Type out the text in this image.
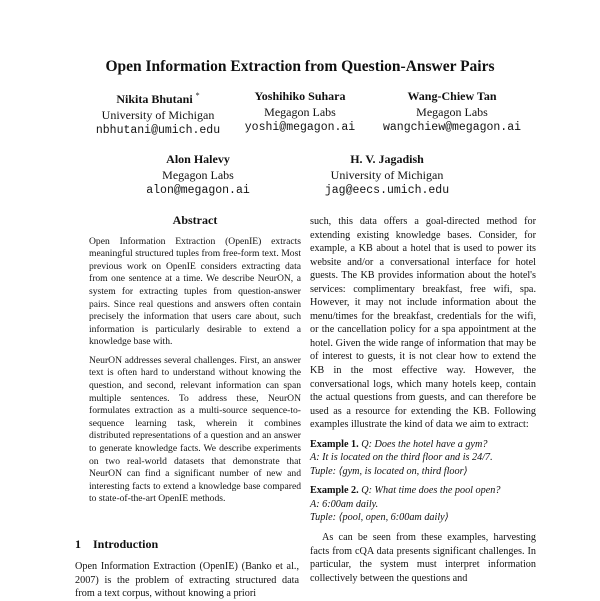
Open Information Extraction from Question-Answer Pairs
Nikita Bhutani *
University of Michigan
nbhutani@umich.edu
Yoshihiko Suhara
Megagon Labs
yoshi@megagon.ai
Wang-Chiew Tan
Megagon Labs
wangchiew@megagon.ai
Alon Halevy
Megagon Labs
alon@megagon.ai
H. V. Jagadish
University of Michigan
jag@eecs.umich.edu
Abstract

Open Information Extraction (OpenIE) extracts meaningful structured tuples from free-form text. Most previous work on OpenIE considers extracting data from one sentence at a time. We describe NeurON, a system for extracting tuples from question-answer pairs. Since real questions and answers often contain precisely the information that users care about, such information is particularly desirable to extend a knowledge base with.

NeurON addresses several challenges. First, an answer text is often hard to understand without knowing the question, and second, relevant information can span multiple sentences. To address these, NeurON formulates extraction as a multi-source sequence-to-sequence learning task, wherein it combines distributed representations of a question and an answer to generate knowledge facts. We describe experiments on two real-world datasets that demonstrate that NeurON can find a significant number of new and interesting facts to extend a knowledge base compared to state-of-the-art OpenIE methods.

1 Introduction

Open Information Extraction (OpenIE) (Banko et al., 2007) is the problem of extracting structured data from a text corpus, without knowing a priori

such, this data offers a goal-directed method for extending existing knowledge bases. Consider, for example, a KB about a hotel that is used to power its website and/or a conversational interface for hotel guests. The KB provides information about the hotel's services: complimentary breakfast, free wifi, spa. However, it may not include information about the menu/times for the breakfast, credentials for the wifi, or the cancellation policy for a spa appointment at the hotel. Given the wide range of information that may be of interest to guests, it is not clear how to extend the KB in the most effective way. However, the conversational logs, which many hotels keep, contain the actual questions from guests, and can therefore be used as a resource for extending the KB. Following examples illustrate the kind of data we aim to extract:

Example 1. Q: Does the hotel have a gym?
A: It is located on the third floor and is 24/7.
Tuple: ⟨gym, is located on, third floor⟩
Example 2. Q: What time does the pool open?
A: 6:00am daily.
Tuple: ⟨pool, open, 6:00am daily⟩

As can be seen from these examples, harvesting facts from cQA data presents significant challenges. In particular, the system must interpret information collectively between the questions and
